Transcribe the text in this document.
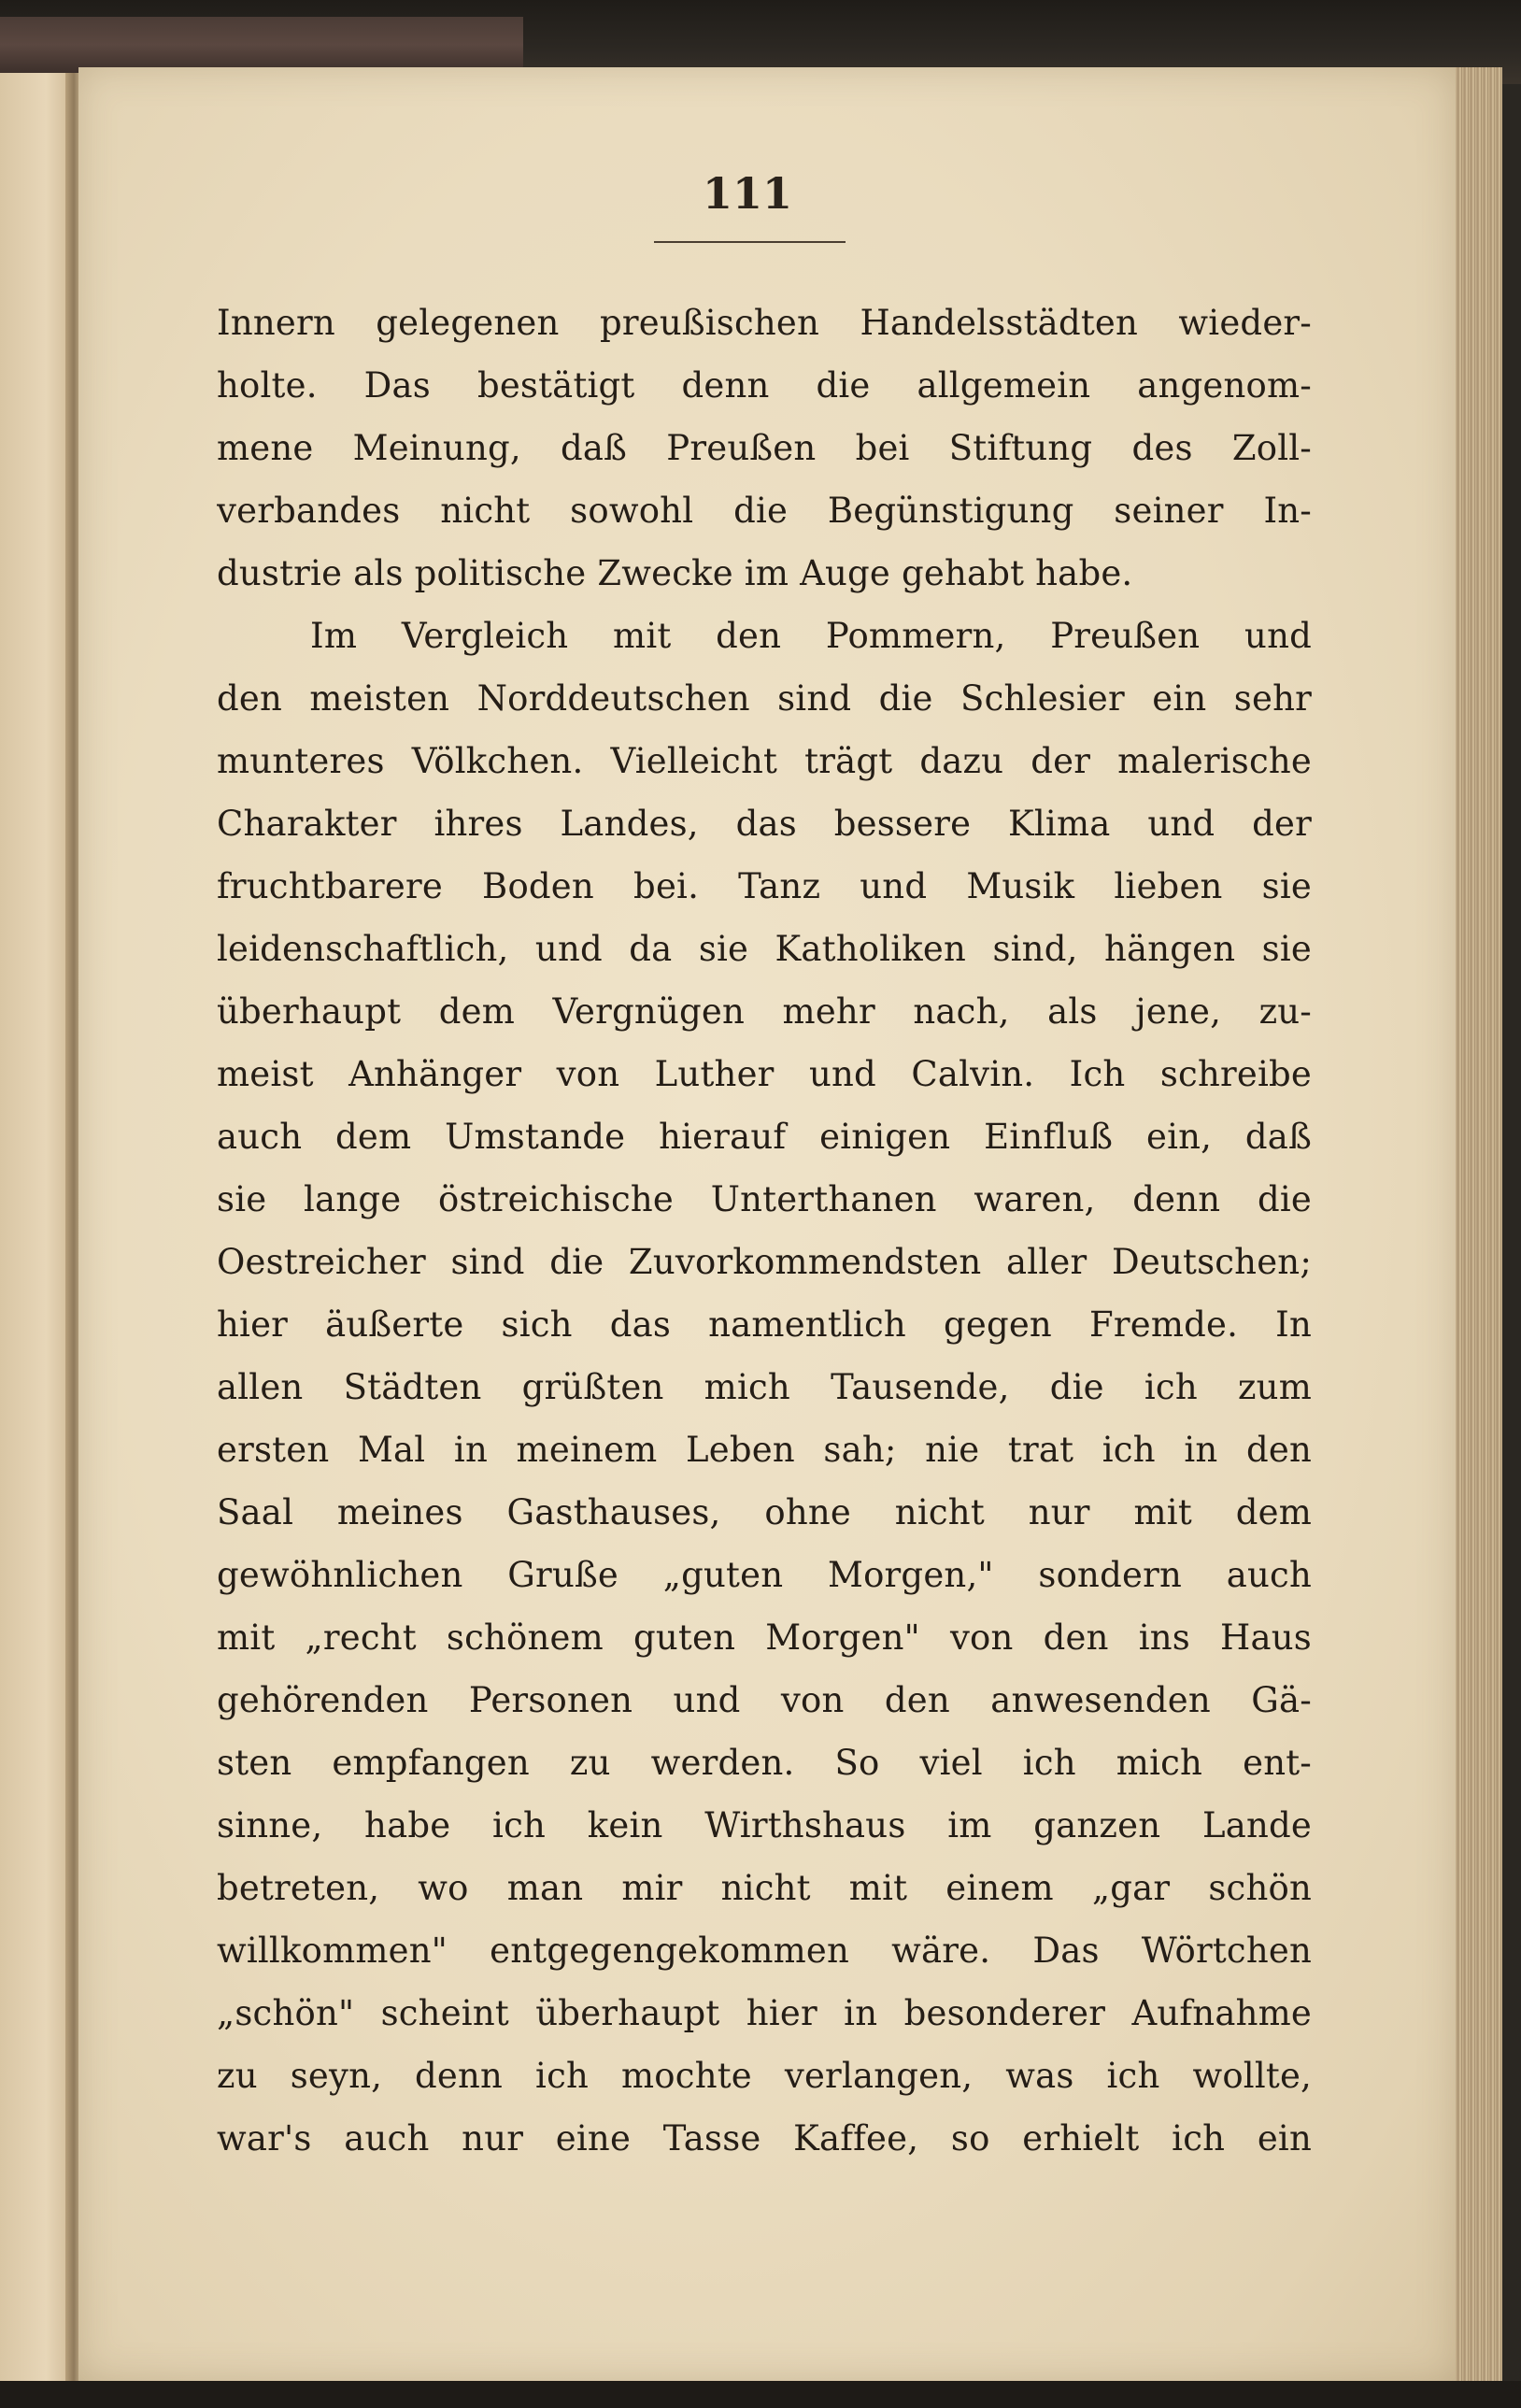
111
Innern gelegenen preußischen Handelsstädten wieder-
holte. Das bestätigt denn die allgemein angenom-
mene Meinung, daß Preußen bei Stiftung des Zoll-
verbandes nicht sowohl die Begünstigung seiner In-
dustrie als politische Zwecke im Auge gehabt habe.
Im Vergleich mit den Pommern, Preußen und
den meisten Norddeutschen sind die Schlesier ein sehr
munteres Völkchen. Vielleicht trägt dazu der malerische
Charakter ihres Landes, das bessere Klima und der
fruchtbarere Boden bei. Tanz und Musik lieben sie
leidenschaftlich, und da sie Katholiken sind, hängen sie
überhaupt dem Vergnügen mehr nach, als jene, zu-
meist Anhänger von Luther und Calvin. Ich schreibe
auch dem Umstande hierauf einigen Einfluß ein, daß
sie lange östreichische Unterthanen waren, denn die
Oestreicher sind die Zuvorkommendsten aller Deutschen;
hier äußerte sich das namentlich gegen Fremde. In
allen Städten grüßten mich Tausende, die ich zum
ersten Mal in meinem Leben sah; nie trat ich in den
Saal meines Gasthauses, ohne nicht nur mit dem
gewöhnlichen Gruße „guten Morgen," sondern auch
mit „recht schönem guten Morgen" von den ins Haus
gehörenden Personen und von den anwesenden Gä-
sten empfangen zu werden. So viel ich mich ent-
sinne, habe ich kein Wirthshaus im ganzen Lande
betreten, wo man mir nicht mit einem „gar schön
willkommen" entgegengekommen wäre. Das Wörtchen
„schön" scheint überhaupt hier in besonderer Aufnahme
zu seyn, denn ich mochte verlangen, was ich wollte,
war's auch nur eine Tasse Kaffee, so erhielt ich ein
